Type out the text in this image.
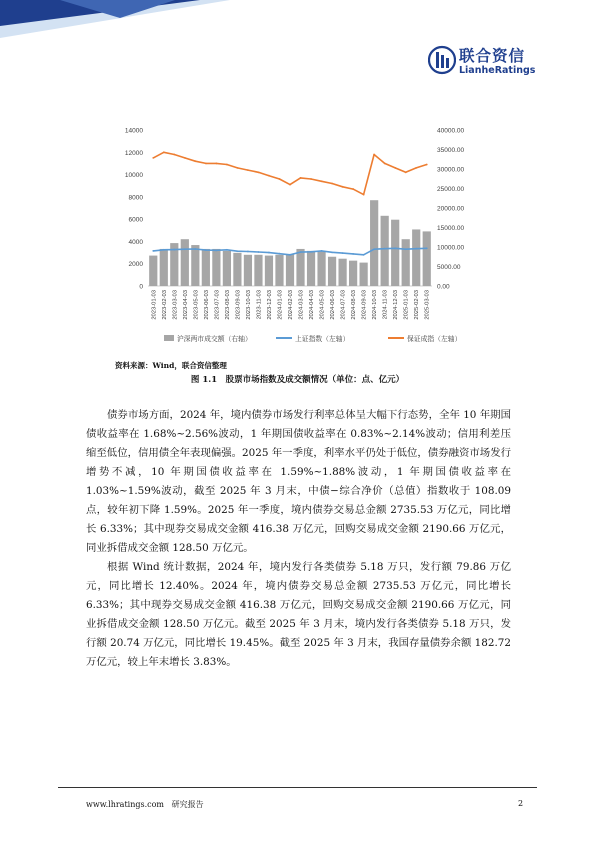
联合资信
LianheRatings
0
2000
4000
6000
8000
10000
12000
14000
0.00
5000.00
10000.00
15000.00
20000.00
25000.00
30000.00
35000.00
40000.00
2023-01-03 2023-02-03 2023-03-03 2023-04-03 2023-05-03 2023-06-03 2023-07-03 2023-08-03 2023-09-03 2023-10-03 2023-11-03 2023-12-03 2024-01-03 2024-02-03 2024-03-03 2024-04-03 2024-05-03 2024-06-03 2024-07-03 2024-08-03 2024-09-03 2024-10-03 2024-11-03 2024-12-03 2025-01-03 2025-02-03 2025-03-03
沪深两市成交额（右轴）	上证指数（左轴）	保证成指（左轴）
资料来源：Wind，联合资信整理
图 1.1　股票市场指数及成交额情况（单位：点、亿元）

债券市场方面，2024 年，境内债券市场发行利率总体呈大幅下行态势，全年 10 年期国债收益率在 1.68%~2.56%波动，1 年期国债收益率在 0.83%~2.14%波动；信用利差压缩至低位，信用债全年表现偏强。2025 年一季度，利率水平仍处于低位，债券融资市场发行增势不减，10 年期国债收益率在 1.59%~1.88%波动，1 年期国债收益率在 1.03%~1.59%波动，截至 2025 年 3 月末，中债−综合净价（总值）指数收于 108.09 点，较年初下降 1.59%。2025 年一季度，境内债券交易总金额 2735.53 万亿元，同比增长 6.33%；其中现券交易成交金额 416.38 万亿元，回购交易成交金额 2190.66 万亿元，同业拆借成交金额 128.50 万亿元。

根据 Wind 统计数据，2024 年，境内发行各类债券 5.18 万只，发行额 79.86 万亿元，同比增长 12.40%。2024 年，境内债券交易总金额 2735.53 万亿元，同比增长 6.33%；其中现券交易成交金额 416.38 万亿元，回购交易成交金额 2190.66 万亿元，同业拆借成交金额 128.50 万亿元。截至 2025 年 3 月末，境内发行各类债券 5.18 万只，发行额 20.74 万亿元，同比增长 19.45%。截至 2025 年 3 月末，我国存量债券余额 182.72 万亿元，较上年末增长 3.83%。

www.lhratings.com 研究报告	2
